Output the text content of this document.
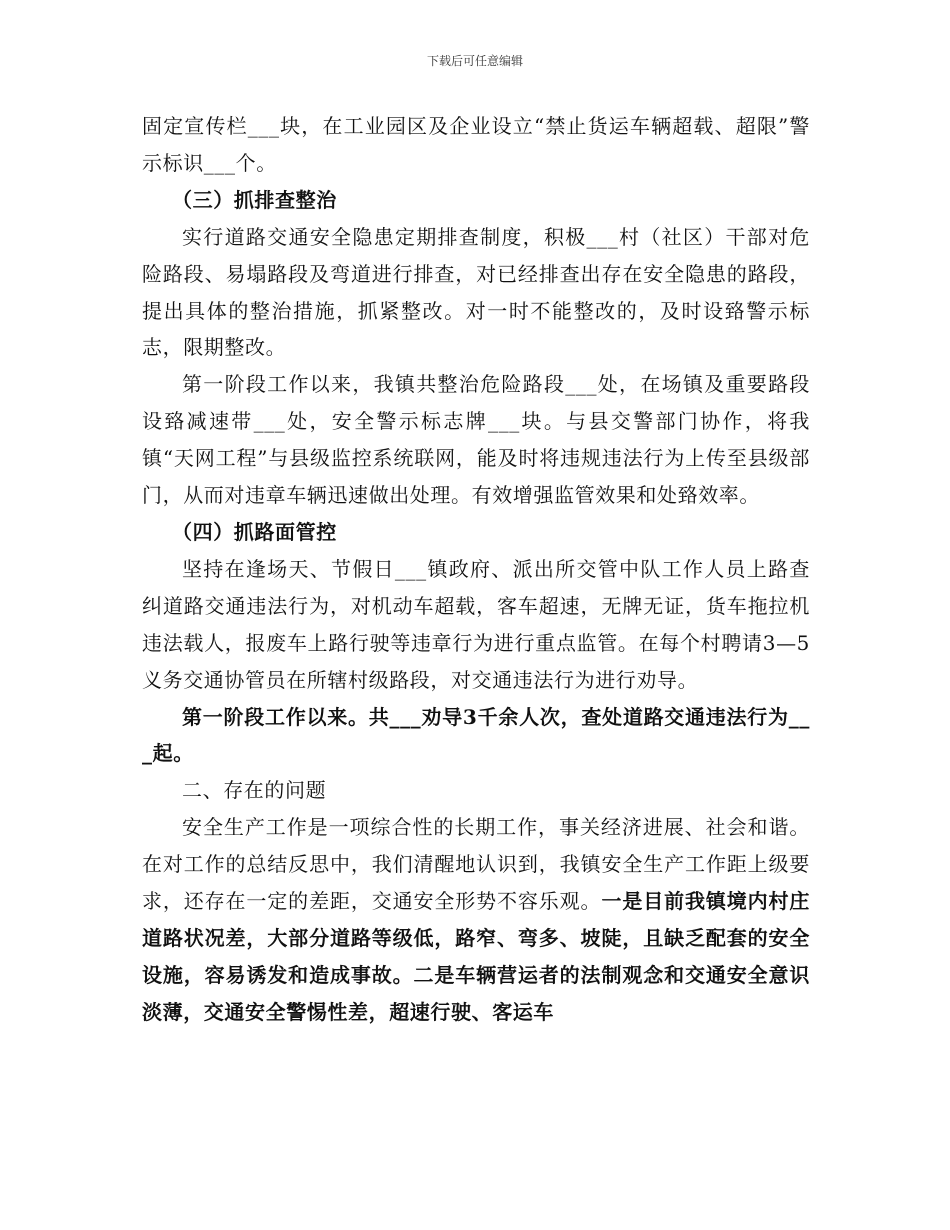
下载后可任意编辑

固定宣传栏___块，在工业园区及企业设立“禁止货运车辆超载、超限”警示标识___个。

（三）抓排查整治

实行道路交通安全隐患定期排查制度，积极___村（社区）干部对危险路段、易塌路段及弯道进行排查，对已经排查出存在安全隐患的路段，提出具体的整治措施，抓紧整改。对一时不能整改的，及时设臵警示标志，限期整改。

第一阶段工作以来，我镇共整治危险路段___处，在场镇及重要路段设臵减速带___处，安全警示标志牌___块。与县交警部门协作，将我镇“天网工程”与县级监控系统联网，能及时将违规违法行为上传至县级部门，从而对违章车辆迅速做出处理。有效增强监管效果和处臵效率。

（四）抓路面管控

坚持在逢场天、节假日___镇政府、派出所交管中队工作人员上路查纠道路交通违法行为，对机动车超载，客车超速，无牌无证，货车拖拉机违法载人，报废车上路行驶等违章行为进行重点监管。在每个村聘请3—5义务交通协管员在所辖村级路段，对交通违法行为进行劝导。

第一阶段工作以来。共___劝导3千余人次，查处道路交通违法行为___起。

二、存在的问题

安全生产工作是一项综合性的长期工作，事关经济进展、社会和谐。在对工作的总结反思中，我们清醒地认识到，我镇安全生产工作距上级要求，还存在一定的差距，交通安全形势不容乐观。一是目前我镇境内村庄道路状况差，大部分道路等级低，路窄、弯多、坡陡，且缺乏配套的安全设施，容易诱发和造成事故。二是车辆营运者的法制观念和交通安全意识淡薄，交通安全警惕性差，超速行驶、客运车
